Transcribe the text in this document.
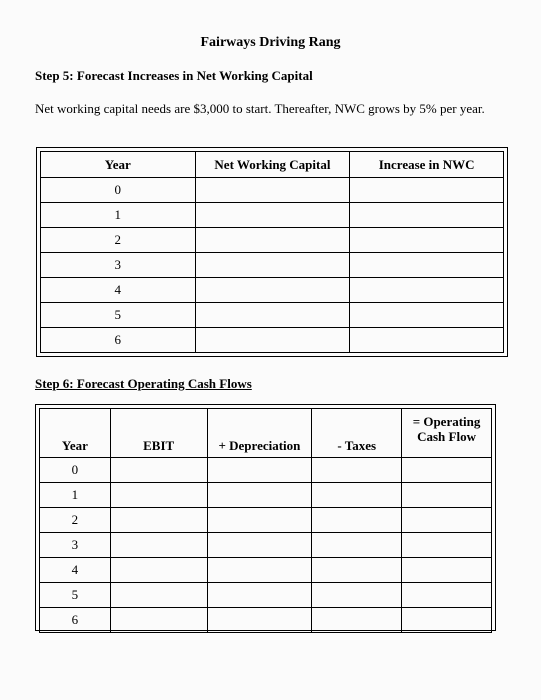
Fairways Driving Rang
Step 5: Forecast Increases in Net Working Capital
Net working capital needs are $3,000 to start. Thereafter, NWC grows by 5% per year.
Year	Net Working Capital	Increase in NWC
0		
1		
2		
3		
4		
5		
6		
Step 6: Forecast Operating Cash Flows
Year	EBIT	+ Depreciation	- Taxes	= Operating Cash Flow
0				
1				
2				
3				
4				
5				
6				
